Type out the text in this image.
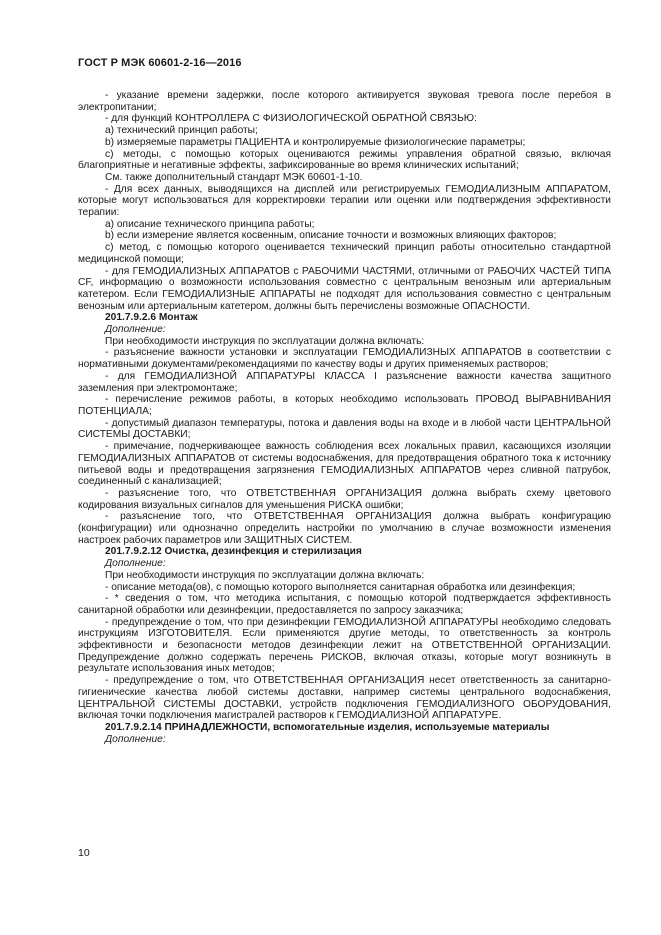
ГОСТ Р МЭК 60601-2-16—2016

- указание времени задержки, после которого активируется звуковая тревога после перебоя в электропитании;

- для функций КОНТРОЛЛЕРА С ФИЗИОЛОГИЧЕСКОЙ ОБРАТНОЙ СВЯЗЬЮ:

a) технический принцип работы;

b) измеряемые параметры ПАЦИЕНТА и контролируемые физиологические параметры;

c) методы, с помощью которых оцениваются режимы управления обратной связью, включая благоприятные и негативные эффекты, зафиксированные во время клинических испытаний;

См. также дополнительный стандарт МЭК 60601-1-10.

- Для всех данных, выводящихся на дисплей или регистрируемых ГЕМОДИАЛИЗНЫМ АППАРАТОМ, которые могут использоваться для корректировки терапии или оценки или подтверждения эффективности терапии:

a) описание технического принципа работы;

b) если измерение является косвенным, описание точности и возможных влияющих факторов;

c) метод, с помощью которого оценивается технический принцип работы относительно стандартной медицинской помощи;

- для ГЕМОДИАЛИЗНЫХ АППАРАТОВ с РАБОЧИМИ ЧАСТЯМИ, отличными от РАБОЧИХ ЧАСТЕЙ ТИПА CF, информацию о возможности использования совместно с центральным венозным или артериальным катетером. Если ГЕМОДИАЛИЗНЫЕ АППАРАТЫ не подходят для использования совместно с центральным венозным или артериальным катетером, должны быть перечислены возможные ОПАСНОСТИ.

201.7.9.2.6 Монтаж

Дополнение:

При необходимости инструкция по эксплуатации должна включать:

- разъяснение важности установки и эксплуатации ГЕМОДИАЛИЗНЫХ АППАРАТОВ в соответствии с нормативными документами/рекомендациями по качеству воды и других применяемых растворов;

- для ГЕМОДИАЛИЗНОЙ АППАРАТУРЫ КЛАССА I разъяснение важности качества защитного заземления при электромонтаже;

- перечисление режимов работы, в которых необходимо использовать ПРОВОД ВЫРАВНИВАНИЯ ПОТЕНЦИАЛА;

- допустимый диапазон температуры, потока и давления воды на входе и в любой части ЦЕНТРАЛЬНОЙ СИСТЕМЫ ДОСТАВКИ;

- примечание, подчеркивающее важность соблюдения всех локальных правил, касающихся изоляции ГЕМОДИАЛИЗНЫХ АППАРАТОВ от системы водоснабжения, для предотвращения обратного тока к источнику питьевой воды и предотвращения загрязнения ГЕМОДИАЛИЗНЫХ АППАРАТОВ через сливной патрубок, соединенный с канализацией;

- разъяснение того, что ОТВЕТСТВЕННАЯ ОРГАНИЗАЦИЯ должна выбрать схему цветового кодирования визуальных сигналов для уменьшения РИСКА ошибки;

- разъяснение того, что ОТВЕТСТВЕННАЯ ОРГАНИЗАЦИЯ должна выбрать конфигурацию (конфигурации) или однозначно определить настройки по умолчанию в случае возможности изменения настроек рабочих параметров или ЗАЩИТНЫХ СИСТЕМ.

201.7.9.2.12 Очистка, дезинфекция и стерилизация

Дополнение:

При необходимости инструкция по эксплуатации должна включать:

- описание метода(ов), с помощью которого выполняется санитарная обработка или дезинфекция;

- * сведения о том, что методика испытания, с помощью которой подтверждается эффективность санитарной обработки или дезинфекции, предоставляется по запросу заказчика;

- предупреждение о том, что при дезинфекции ГЕМОДИАЛИЗНОЙ АППАРАТУРЫ необходимо следовать инструкциям ИЗГОТОВИТЕЛЯ. Если применяются другие методы, то ответственность за контроль эффективности и безопасности методов дезинфекции лежит на ОТВЕТСТВЕННОЙ ОРГАНИЗАЦИИ. Предупреждение должно содержать перечень РИСКОВ, включая отказы, которые могут возникнуть в результате использования иных методов;

- предупреждение о том, что ОТВЕТСТВЕННАЯ ОРГАНИЗАЦИЯ несет ответственность за санитарно-гигиенические качества любой системы доставки, например системы центрального водоснабжения, ЦЕНТРАЛЬНОЙ СИСТЕМЫ ДОСТАВКИ, устройств подключения ГЕМОДИАЛИЗНОГО ОБОРУДОВАНИЯ, включая точки подключения магистралей растворов к ГЕМОДИАЛИЗНОЙ АППАРАТУРЕ.

201.7.9.2.14 ПРИНАДЛЕЖНОСТИ, вспомогательные изделия, используемые материалы

Дополнение:

10
